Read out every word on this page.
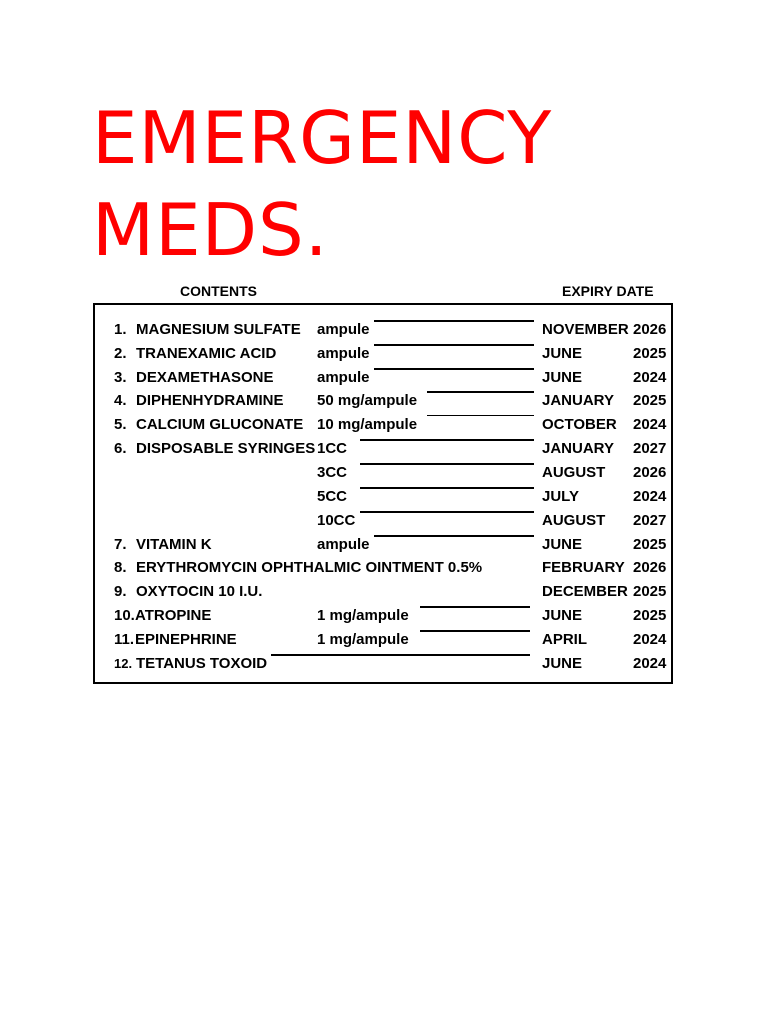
EMERGENCY
MEDS.
CONTENTS	EXPIRY DATE
1. MAGNESIUM SULFATE ampule	NOVEMBER 2026
2. TRANEXAMIC ACID	ampule	JUNE	2025
3. DEXAMETHASONE	ampule	JUNE	2024
4. DIPHENHYDRAMINE 50 mg/ampule	JANUARY 2025
5. CALCIUM GLUCONATE 10 mg/ampule	OCTOBER 2024
6. DISPOSABLE SYRINGES 1CC	JANUARY 2027
3CC	AUGUST 2026
5CC	JULY	2024
10CC	AUGUST 2027
7. VITAMIN K	ampule	JUNE	2025
8. ERYTHROMYCIN OPHTHALMIC OINTMENT 0.5%	FEBRUARY 2026
9. OXYTOCIN 10 I.U.	DECEMBER 2025
10. ATROPINE	1 mg/ampule	JUNE	2025
11. EPINEPHRINE	1 mg/ampule	APRIL	2024
12. TETANUS TOXOID	JUNE	2024
